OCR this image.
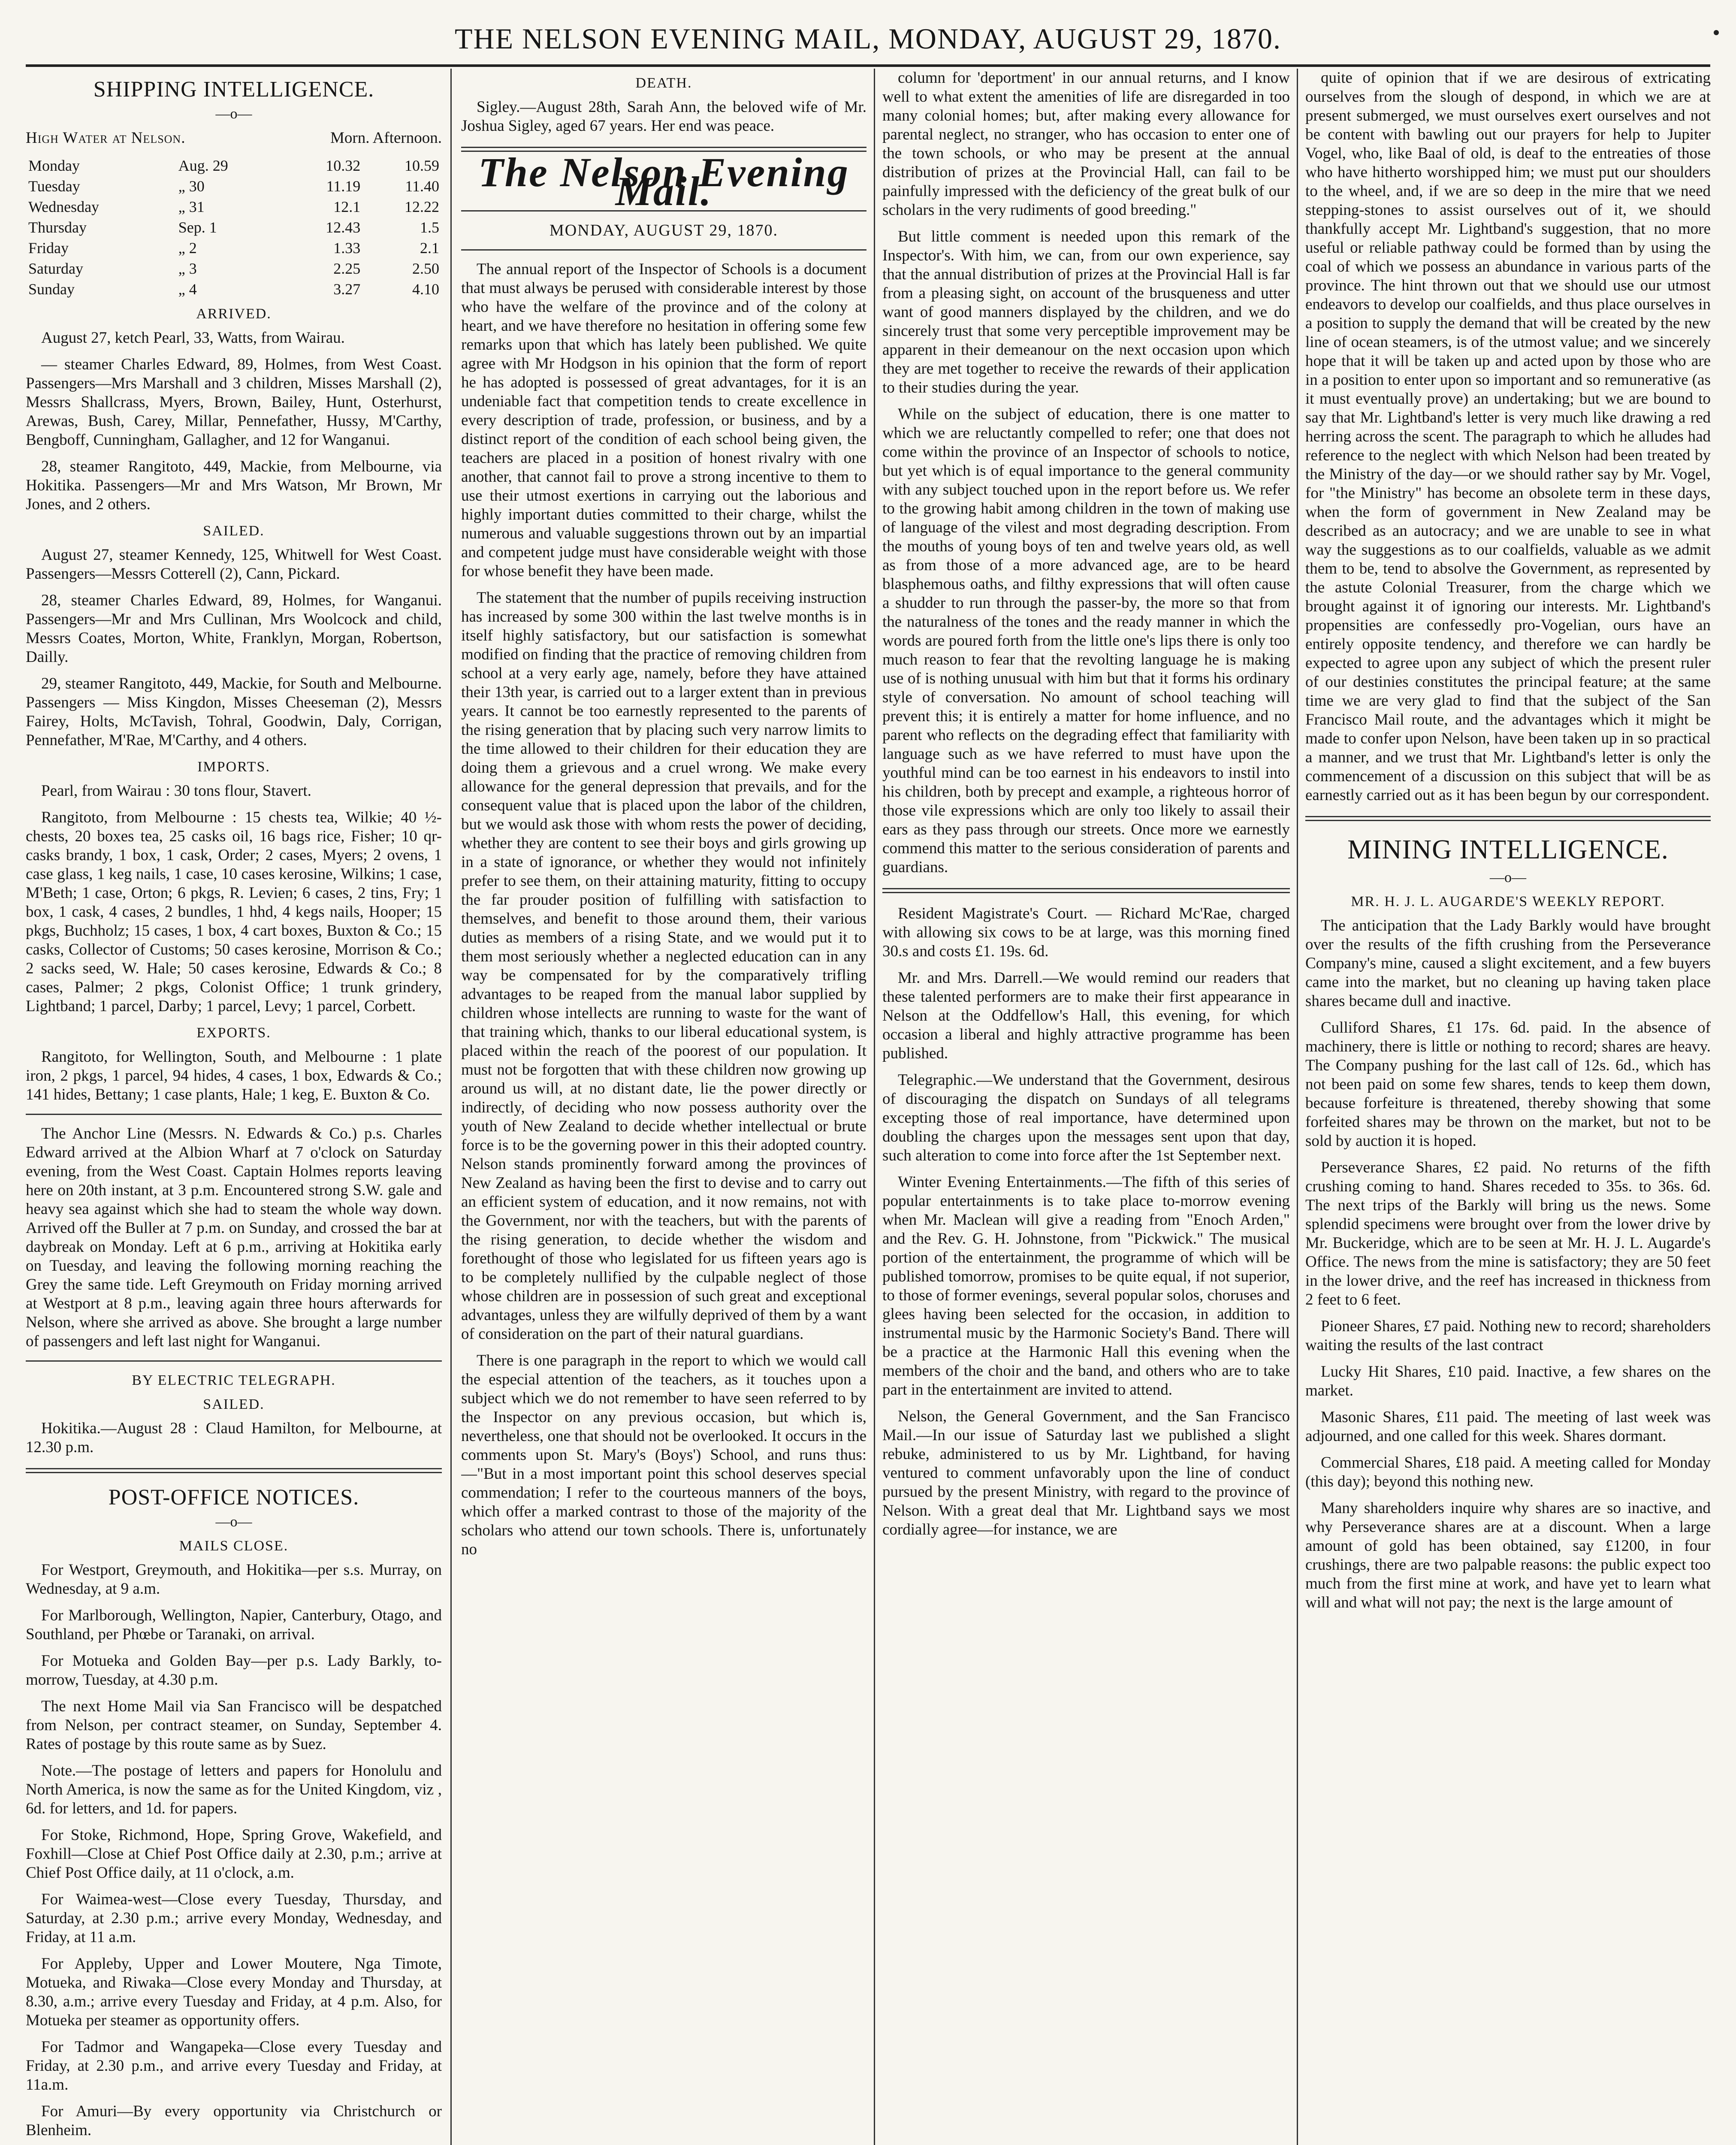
THE NELSON EVENING MAIL, MONDAY, AUGUST 29, 1870.
SHIPPING INTELLIGENCE.
—o—

High Water at Nelson.	Morn. Afternoon.

Monday	Aug. 29	10.32	10.59
Tuesday	„ 30	11.19	11.40
Wednesday	„ 31	12.1	12.22
Thursday	Sep. 1	12.43	1.5
Friday	„ 2	1.33	2.1
Saturday	„ 3	2.25	2.50
Sunday	„ 4	3.27	4.10
ARRIVED.

August 27, ketch Pearl, 33, Watts, from Wairau.

— steamer Charles Edward, 89, Holmes, from West Coast. Passengers—Mrs Marshall and 3 children, Misses Marshall (2), Messrs Shallcrass, Myers, Brown, Bailey, Hunt, Osterhurst, Arewas, Bush, Carey, Millar, Pennefather, Hussy, M'Carthy, Bengboff, Cunningham, Gallagher, and 12 for Wanganui.

28, steamer Rangitoto, 449, Mackie, from Melbourne, via Hokitika. Passengers—Mr and Mrs Watson, Mr Brown, Mr Jones, and 2 others.

SAILED.

August 27, steamer Kennedy, 125, Whitwell for West Coast. Passengers—Messrs Cotterell (2), Cann, Pickard.

28, steamer Charles Edward, 89, Holmes, for Wanganui. Passengers—Mr and Mrs Cullinan, Mrs Woolcock and child, Messrs Coates, Morton, White, Franklyn, Morgan, Robertson, Dailly.

29, steamer Rangitoto, 449, Mackie, for South and Melbourne. Passengers — Miss Kingdon, Misses Cheeseman (2), Messrs Fairey, Holts, McTavish, Tohral, Goodwin, Daly, Corrigan, Pennefather, M'Rae, M'Carthy, and 4 others.

IMPORTS.

Pearl, from Wairau : 30 tons flour, Stavert.

Rangitoto, from Melbourne : 15 chests tea, Wilkie; 40 ½-chests, 20 boxes tea, 25 casks oil, 16 bags rice, Fisher; 10 qr-casks brandy, 1 box, 1 cask, Order; 2 cases, Myers; 2 ovens, 1 case glass, 1 keg nails, 1 case, 10 cases kerosine, Wilkins; 1 case, M'Beth; 1 case, Orton; 6 pkgs, R. Levien; 6 cases, 2 tins, Fry; 1 box, 1 cask, 4 cases, 2 bundles, 1 hhd, 4 kegs nails, Hooper; 15 pkgs, Buchholz; 15 cases, 1 box, 4 cart boxes, Buxton & Co.; 15 casks, Collector of Customs; 50 cases kerosine, Morrison & Co.; 2 sacks seed, W. Hale; 50 cases kerosine, Edwards & Co.; 8 cases, Palmer; 2 pkgs, Colonist Office; 1 trunk grindery, Lightband; 1 parcel, Darby; 1 parcel, Levy; 1 parcel, Corbett.

EXPORTS.

Rangitoto, for Wellington, South, and Melbourne : 1 plate iron, 2 pkgs, 1 parcel, 94 hides, 4 cases, 1 box, Edwards & Co.; 141 hides, Bettany; 1 case plants, Hale; 1 keg, E. Buxton & Co.

The Anchor Line (Messrs. N. Edwards & Co.) p.s. Charles Edward arrived at the Albion Wharf at 7 o'clock on Saturday evening, from the West Coast. Captain Holmes reports leaving here on 20th instant, at 3 p.m. Encountered strong S.W. gale and heavy sea against which she had to steam the whole way down. Arrived off the Buller at 7 p.m. on Sunday, and crossed the bar at daybreak on Monday. Left at 6 p.m., arriving at Hokitika early on Tuesday, and leaving the following morning reaching the Grey the same tide. Left Greymouth on Friday morning arrived at Westport at 8 p.m., leaving again three hours afterwards for Nelson, where she arrived as above. She brought a large number of passengers and left last night for Wanganui.

BY ELECTRIC TELEGRAPH.
SAILED.

Hokitika.—August 28 : Claud Hamilton, for Melbourne, at 12.30 p.m.

POST-OFFICE NOTICES.
—o—
MAILS CLOSE.

For Westport, Greymouth, and Hokitika—per s.s. Murray, on Wednesday, at 9 a.m.

For Marlborough, Wellington, Napier, Canterbury, Otago, and Southland, per Phœbe or Taranaki, on arrival.

For Motueka and Golden Bay—per p.s. Lady Barkly, to-morrow, Tuesday, at 4.30 p.m.

The next Home Mail via San Francisco will be despatched from Nelson, per contract steamer, on Sunday, September 4. Rates of postage by this route same as by Suez.

Note.—The postage of letters and papers for Honolulu and North America, is now the same as for the United Kingdom, viz , 6d. for letters, and 1d. for papers.

For Stoke, Richmond, Hope, Spring Grove, Wakefield, and Foxhill—Close at Chief Post Office daily at 2.30, p.m.; arrive at Chief Post Office daily, at 11 o'clock, a.m.

For Waimea-west—Close every Tuesday, Thursday, and Saturday, at 2.30 p.m.; arrive every Monday, Wednesday, and Friday, at 11 a.m.

For Appleby, Upper and Lower Moutere, Nga Timote, Motueka, and Riwaka—Close every Monday and Thursday, at 8.30, a.m.; arrive every Tuesday and Friday, at 4 p.m. Also, for Motueka per steamer as opportunity offers.

For Tadmor and Wangapeka—Close every Tuesday and Friday, at 2.30 p.m., and arrive every Tuesday and Friday, at 11a.m.

For Amuri—By every opportunity via Christchurch or Blenheim.

DEATH.

Sigley.—August 28th, Sarah Ann, the beloved wife of Mr. Joshua Sigley, aged 67 years. Her end was peace.

The Nelson Evening Mail.
MONDAY, AUGUST 29, 1870.

The annual report of the Inspector of Schools is a document that must always be perused with considerable interest by those who have the welfare of the province and of the colony at heart, and we have therefore no hesitation in offering some few remarks upon that which has lately been published. We quite agree with Mr Hodgson in his opinion that the form of report he has adopted is possessed of great advantages, for it is an undeniable fact that competition tends to create excellence in every description of trade, profession, or business, and by a distinct report of the condition of each school being given, the teachers are placed in a position of honest rivalry with one another, that cannot fail to prove a strong incentive to them to use their utmost exertions in carrying out the laborious and highly important duties committed to their charge, whilst the numerous and valuable suggestions thrown out by an impartial and competent judge must have considerable weight with those for whose benefit they have been made.

The statement that the number of pupils receiving instruction has increased by some 300 within the last twelve months is in itself highly satisfactory, but our satisfaction is somewhat modified on finding that the practice of removing children from school at a very early age, namely, before they have attained their 13th year, is carried out to a larger extent than in previous years. It cannot be too earnestly represented to the parents of the rising generation that by placing such very narrow limits to the time allowed to their children for their education they are doing them a grievous and a cruel wrong. We make every allowance for the general depression that prevails, and for the consequent value that is placed upon the labor of the children, but we would ask those with whom rests the power of deciding, whether they are content to see their boys and girls growing up in a state of ignorance, or whether they would not infinitely prefer to see them, on their attaining maturity, fitting to occupy the far prouder position of fulfilling with satisfaction to themselves, and benefit to those around them, their various duties as members of a rising State, and we would put it to them most seriously whether a neglected education can in any way be compensated for by the comparatively trifling advantages to be reaped from the manual labor supplied by children whose intellects are running to waste for the want of that training which, thanks to our liberal educational system, is placed within the reach of the poorest of our population. It must not be forgotten that with these children now growing up around us will, at no distant date, lie the power directly or indirectly, of deciding who now possess authority over the youth of New Zealand to decide whether intellectual or brute force is to be the governing power in this their adopted country. Nelson stands prominently forward among the provinces of New Zealand as having been the first to devise and to carry out an efficient system of education, and it now remains, not with the Government, nor with the teachers, but with the parents of the rising generation, to decide whether the wisdom and forethought of those who legislated for us fifteen years ago is to be completely nullified by the culpable neglect of those whose children are in possession of such great and exceptional advantages, unless they are wilfully deprived of them by a want of consideration on the part of their natural guardians.

There is one paragraph in the report to which we would call the especial attention of the teachers, as it touches upon a subject which we do not remember to have seen referred to by the Inspector on any previous occasion, but which is, nevertheless, one that should not be overlooked. It occurs in the comments upon St. Mary's (Boys') School, and runs thus:—"But in a most important point this school deserves special commendation; I refer to the courteous manners of the boys, which offer a marked contrast to those of the majority of the scholars who attend our town schools. There is, unfortunately no

column for 'deportment' in our annual returns, and I know well to what extent the amenities of life are disregarded in too many colonial homes; but, after making every allowance for parental neglect, no stranger, who has occasion to enter one of the town schools, or who may be present at the annual distribution of prizes at the Provincial Hall, can fail to be painfully impressed with the deficiency of the great bulk of our scholars in the very rudiments of good breeding."

But little comment is needed upon this remark of the Inspector's. With him, we can, from our own experience, say that the annual distribution of prizes at the Provincial Hall is far from a pleasing sight, on account of the brusqueness and utter want of good manners displayed by the children, and we do sincerely trust that some very perceptible improvement may be apparent in their demeanour on the next occasion upon which they are met together to receive the rewards of their application to their studies during the year.

While on the subject of education, there is one matter to which we are reluctantly compelled to refer; one that does not come within the province of an Inspector of schools to notice, but yet which is of equal importance to the general community with any subject touched upon in the report before us. We refer to the growing habit among children in the town of making use of language of the vilest and most degrading description. From the mouths of young boys of ten and twelve years old, as well as from those of a more advanced age, are to be heard blasphemous oaths, and filthy expressions that will often cause a shudder to run through the passer-by, the more so that from the naturalness of the tones and the ready manner in which the words are poured forth from the little one's lips there is only too much reason to fear that the revolting language he is making use of is nothing unusual with him but that it forms his ordinary style of conversation. No amount of school teaching will prevent this; it is entirely a matter for home influence, and no parent who reflects on the degrading effect that familiarity with language such as we have referred to must have upon the youthful mind can be too earnest in his endeavors to instil into his children, both by precept and example, a righteous horror of those vile expressions which are only too likely to assail their ears as they pass through our streets. Once more we earnestly commend this matter to the serious consideration of parents and guardians.

Resident Magistrate's Court. — Richard Mc'Rae, charged with allowing six cows to be at large, was this morning fined 30.s and costs £1. 19s. 6d.

Mr. and Mrs. Darrell.—We would remind our readers that these talented performers are to make their first appearance in Nelson at the Oddfellow's Hall, this evening, for which occasion a liberal and highly attractive programme has been published.

Telegraphic.—We understand that the Government, desirous of discouraging the dispatch on Sundays of all telegrams excepting those of real importance, have determined upon doubling the charges upon the messages sent upon that day, such alteration to come into force after the 1st September next.

Winter Evening Entertainments.—The fifth of this series of popular entertainments is to take place to-morrow evening when Mr. Maclean will give a reading from "Enoch Arden," and the Rev. G. H. Johnstone, from "Pickwick." The musical portion of the entertainment, the programme of which will be published tomorrow, promises to be quite equal, if not superior, to those of former evenings, several popular solos, choruses and glees having been selected for the occasion, in addition to instrumental music by the Harmonic Society's Band. There will be a practice at the Harmonic Hall this evening when the members of the choir and the band, and others who are to take part in the entertainment are invited to attend.

Nelson, the General Government, and the San Francisco Mail.—In our issue of Saturday last we published a slight rebuke, administered to us by Mr. Lightband, for having ventured to comment unfavorably upon the line of conduct pursued by the present Ministry, with regard to the province of Nelson. With a great deal that Mr. Lightband says we most cordially agree—for instance, we are

quite of opinion that if we are desirous of extricating ourselves from the slough of despond, in which we are at present submerged, we must ourselves exert ourselves and not be content with bawling out our prayers for help to Jupiter Vogel, who, like Baal of old, is deaf to the entreaties of those who have hitherto worshipped him; we must put our shoulders to the wheel, and, if we are so deep in the mire that we need stepping-stones to assist ourselves out of it, we should thankfully accept Mr. Lightband's suggestion, that no more useful or reliable pathway could be formed than by using the coal of which we possess an abundance in various parts of the province. The hint thrown out that we should use our utmost endeavors to develop our coalfields, and thus place ourselves in a position to supply the demand that will be created by the new line of ocean steamers, is of the utmost value; and we sincerely hope that it will be taken up and acted upon by those who are in a position to enter upon so important and so remunerative (as it must eventually prove) an undertaking; but we are bound to say that Mr. Lightband's letter is very much like drawing a red herring across the scent. The paragraph to which he alludes had reference to the neglect with which Nelson had been treated by the Ministry of the day—or we should rather say by Mr. Vogel, for "the Ministry" has become an obsolete term in these days, when the form of government in New Zealand may be described as an autocracy; and we are unable to see in what way the suggestions as to our coalfields, valuable as we admit them to be, tend to absolve the Government, as represented by the astute Colonial Treasurer, from the charge which we brought against it of ignoring our interests. Mr. Lightband's propensities are confessedly pro-Vogelian, ours have an entirely opposite tendency, and therefore we can hardly be expected to agree upon any subject of which the present ruler of our destinies constitutes the principal feature; at the same time we are very glad to find that the subject of the San Francisco Mail route, and the advantages which it might be made to confer upon Nelson, have been taken up in so practical a manner, and we trust that Mr. Lightband's letter is only the commencement of a discussion on this subject that will be as earnestly carried out as it has been begun by our correspondent.

MINING INTELLIGENCE.
—o—
MR. H. J. L. AUGARDE'S WEEKLY REPORT.

The anticipation that the Lady Barkly would have brought over the results of the fifth crushing from the Perseverance Company's mine, caused a slight excitement, and a few buyers came into the market, but no cleaning up having taken place shares became dull and inactive.

Culliford Shares, £1 17s. 6d. paid. In the absence of machinery, there is little or nothing to record; shares are heavy. The Company pushing for the last call of 12s. 6d., which has not been paid on some few shares, tends to keep them down, because forfeiture is threatened, thereby showing that some forfeited shares may be thrown on the market, but not to be sold by auction it is hoped.

Perseverance Shares, £2 paid. No returns of the fifth crushing coming to hand. Shares receded to 35s. to 36s. 6d. The next trips of the Barkly will bring us the news. Some splendid specimens were brought over from the lower drive by Mr. Buckeridge, which are to be seen at Mr. H. J. L. Augarde's Office. The news from the mine is satisfactory; they are 50 feet in the lower drive, and the reef has increased in thickness from 2 feet to 6 feet.

Pioneer Shares, £7 paid. Nothing new to record; shareholders waiting the results of the last contract

Lucky Hit Shares, £10 paid. Inactive, a few shares on the market.

Masonic Shares, £11 paid. The meeting of last week was adjourned, and one called for this week. Shares dormant.

Commercial Shares, £18 paid. A meeting called for Monday (this day); beyond this nothing new.

Many shareholders inquire why shares are so inactive, and why Perseverance shares are at a discount. When a large amount of gold has been obtained, say £1200, in four crushings, there are two palpable reasons: the public expect too much from the first mine at work, and have yet to learn what will and what will not pay; the next is the large amount of
